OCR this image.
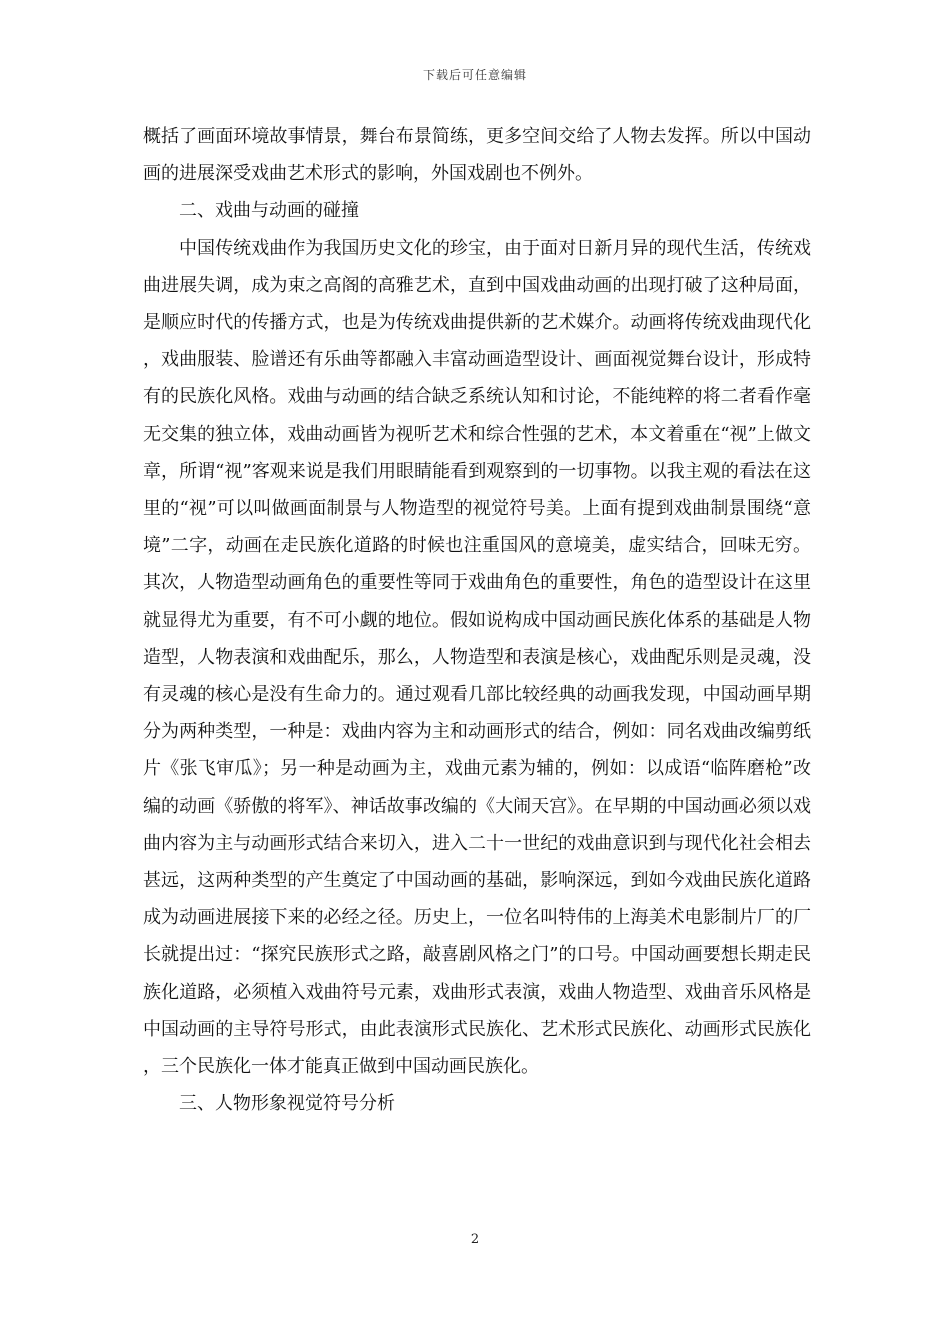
下载后可任意编辑

概括了画面环境故事情景，舞台布景简练，更多空间交给了人物去发挥。所以中国动画的进展深受戏曲艺术形式的影响，外国戏剧也不例外。

二、戏曲与动画的碰撞

中国传统戏曲作为我国历史文化的珍宝，由于面对日新月异的现代生活，传统戏曲进展失调，成为束之高阁的高雅艺术，直到中国戏曲动画的出现打破了这种局面，是顺应时代的传播方式，也是为传统戏曲提供新的艺术媒介。动画将传统戏曲现代化，戏曲服装、脸谱还有乐曲等都融入丰富动画造型设计、画面视觉舞台设计，形成特有的民族化风格。戏曲与动画的结合缺乏系统认知和讨论，不能纯粹的将二者看作毫无交集的独立体，戏曲动画皆为视听艺术和综合性强的艺术，本文着重在“视”上做文章，所谓“视”客观来说是我们用眼睛能看到观察到的一切事物。以我主观的看法在这里的“视”可以叫做画面制景与人物造型的视觉符号美。上面有提到戏曲制景围绕“意境”二字，动画在走民族化道路的时候也注重国风的意境美，虚实结合，回味无穷。其次，人物造型动画角色的重要性等同于戏曲角色的重要性，角色的造型设计在这里就显得尤为重要，有不可小觑的地位。假如说构成中国动画民族化体系的基础是人物造型，人物表演和戏曲配乐，那么，人物造型和表演是核心，戏曲配乐则是灵魂，没有灵魂的核心是没有生命力的。通过观看几部比较经典的动画我发现，中国动画早期分为两种类型，一种是：戏曲内容为主和动画形式的结合，例如：同名戏曲改编剪纸片《张飞审瓜》；另一种是动画为主，戏曲元素为辅的，例如：以成语“临阵磨枪”改编的动画《骄傲的将军》、神话故事改编的《大闹天宫》。在早期的中国动画必须以戏曲内容为主与动画形式结合来切入，进入二十一世纪的戏曲意识到与现代化社会相去甚远，这两种类型的产生奠定了中国动画的基础，影响深远，到如今戏曲民族化道路成为动画进展接下来的必经之径。历史上，一位名叫特伟的上海美术电影制片厂的厂长就提出过：“探究民族形式之路，敲喜剧风格之门”的口号。中国动画要想长期走民族化道路，必须植入戏曲符号元素，戏曲形式表演，戏曲人物造型、戏曲音乐风格是中国动画的主导符号形式，由此表演形式民族化、艺术形式民族化、动画形式民族化，三个民族化一体才能真正做到中国动画民族化。

三、人物形象视觉符号分析

2
